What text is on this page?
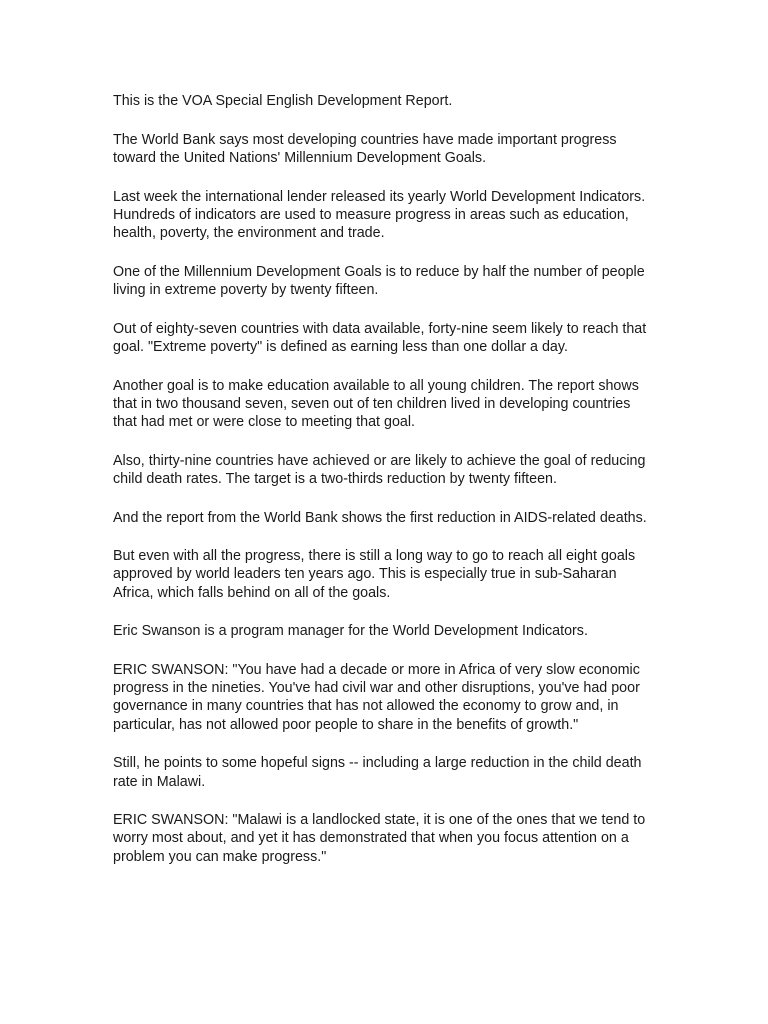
This is the VOA Special English Development Report.

The World Bank says most developing countries have made important progress toward the United Nations' Millennium Development Goals.

Last week the international lender released its yearly World Development Indicators. Hundreds of indicators are used to measure progress in areas such as education, health, poverty, the environment and trade.

One of the Millennium Development Goals is to reduce by half the number of people living in extreme poverty by twenty fifteen.

Out of eighty-seven countries with data available, forty-nine seem likely to reach that goal. "Extreme poverty" is defined as earning less than one dollar a day.

Another goal is to make education available to all young children. The report shows that in two thousand seven, seven out of ten children lived in developing countries that had met or were close to meeting that goal.

Also, thirty-nine countries have achieved or are likely to achieve the goal of reducing child death rates. The target is a two-thirds reduction by twenty fifteen.

And the report from the World Bank shows the first reduction in AIDS-related deaths.

But even with all the progress, there is still a long way to go to reach all eight goals approved by world leaders ten years ago. This is especially true in sub-Saharan Africa, which falls behind on all of the goals.

Eric Swanson is a program manager for the World Development Indicators.

ERIC SWANSON: "You have had a decade or more in Africa of very slow economic progress in the nineties. You've had civil war and other disruptions, you've had poor governance in many countries that has not allowed the economy to grow and, in particular, has not allowed poor people to share in the benefits of growth."

Still, he points to some hopeful signs -- including a large reduction in the child death rate in Malawi.

ERIC SWANSON: "Malawi is a landlocked state, it is one of the ones that we tend to worry most about, and yet it has demonstrated that when you focus attention on a problem you can make progress."
